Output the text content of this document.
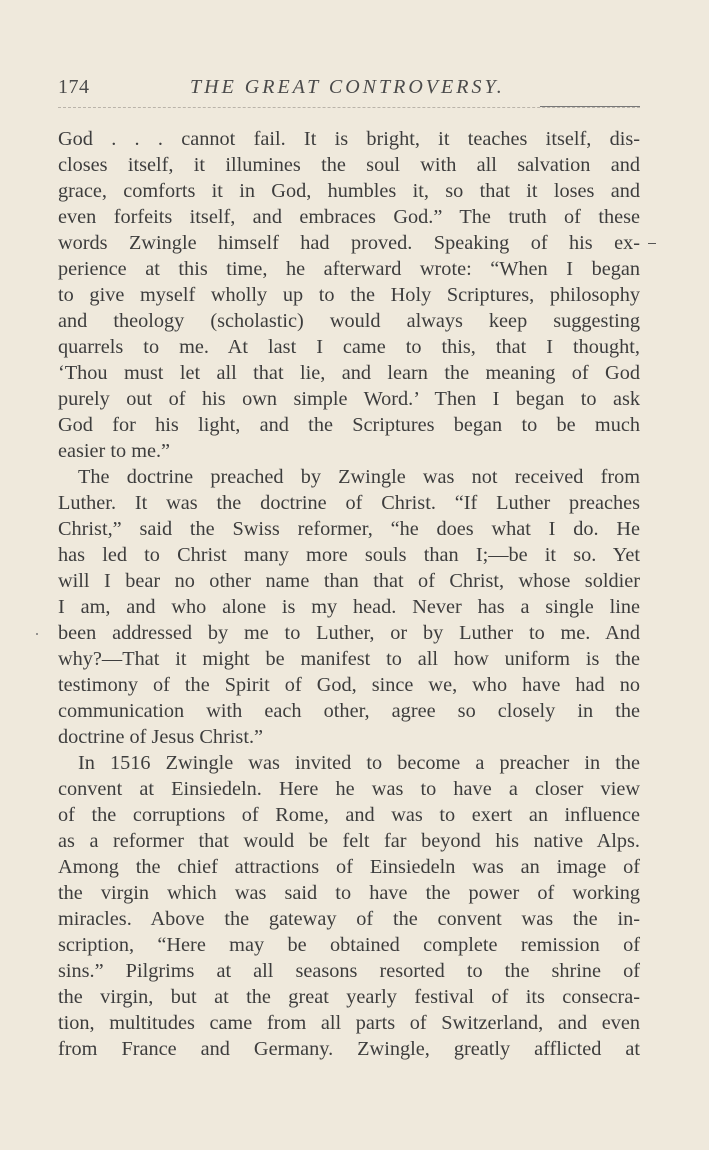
174	THE GREAT CONTROVERSY.
God . . . cannot fail. It is bright, it teaches itself, dis-
closes itself, it illumines the soul with all salvation and
grace, comforts it in God, humbles it, so that it loses and
even forfeits itself, and embraces God.” The truth of these
words Zwingle himself had proved. Speaking of his ex-
perience at this time, he afterward wrote: “When I began
to give myself wholly up to the Holy Scriptures, philosophy
and theology (scholastic) would always keep suggesting
quarrels to me. At last I came to this, that I thought,
‘Thou must let all that lie, and learn the meaning of God
purely out of his own simple Word.’ Then I began to ask
God for his light, and the Scriptures began to be much
easier to me.”
The doctrine preached by Zwingle was not received from
Luther. It was the doctrine of Christ. “If Luther preaches
Christ,” said the Swiss reformer, “he does what I do. He
has led to Christ many more souls than I;—be it so. Yet
will I bear no other name than that of Christ, whose soldier
I am, and who alone is my head. Never has a single line
been addressed by me to Luther, or by Luther to me. And
why?—That it might be manifest to all how uniform is the
testimony of the Spirit of God, since we, who have had no
communication with each other, agree so closely in the
doctrine of Jesus Christ.”
In 1516 Zwingle was invited to become a preacher in the
convent at Einsiedeln. Here he was to have a closer view
of the corruptions of Rome, and was to exert an influence
as a reformer that would be felt far beyond his native Alps.
Among the chief attractions of Einsiedeln was an image of
the virgin which was said to have the power of working
miracles. Above the gateway of the convent was the in-
scription, “Here may be obtained complete remission of
sins.” Pilgrims at all seasons resorted to the shrine of
the virgin, but at the great yearly festival of its consecra-
tion, multitudes came from all parts of Switzerland, and even
from France and Germany. Zwingle, greatly afflicted at
